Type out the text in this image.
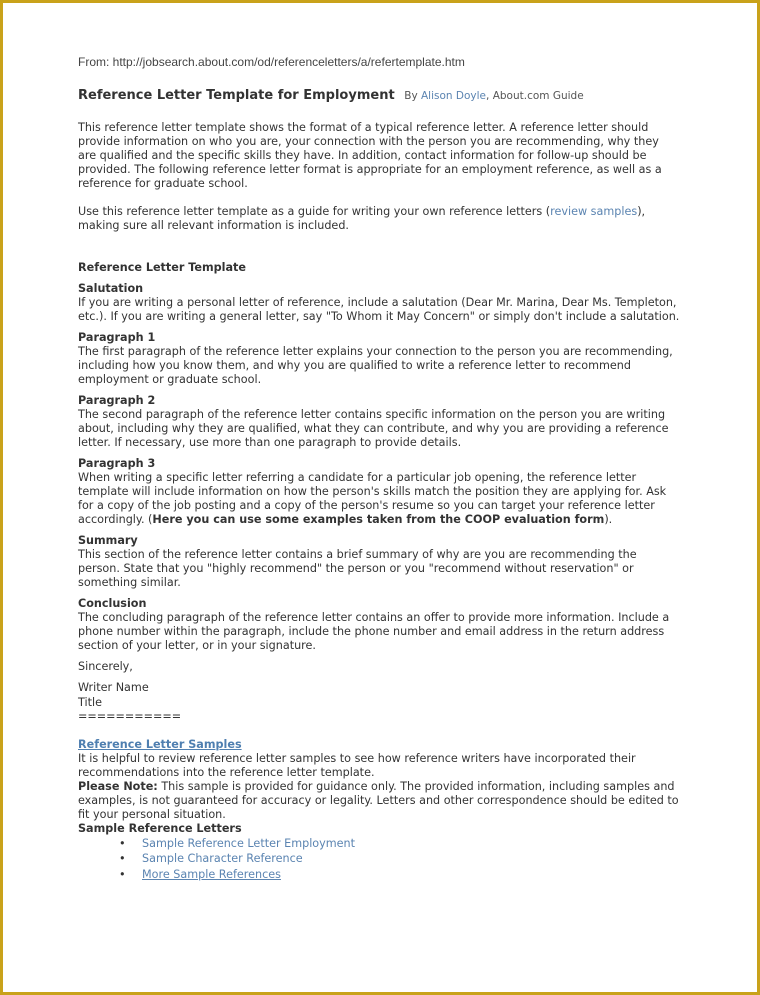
From: http://jobsearch.about.com/od/referenceletters/a/refertemplate.htm

Reference Letter Template for Employment By Alison Doyle, About.com Guide

This reference letter template shows the format of a typical reference letter. A reference letter should provide information on who you are, your connection with the person you are recommending, why they are qualified and the specific skills they have. In addition, contact information for follow-up should be provided. The following reference letter format is appropriate for an employment reference, as well as a reference for graduate school.

Use this reference letter template as a guide for writing your own reference letters (review samples), making sure all relevant information is included.

Reference Letter Template

Salutation

If you are writing a personal letter of reference, include a salutation (Dear Mr. Marina, Dear Ms. Templeton, etc.). If you are writing a general letter, say "To Whom it May Concern" or simply don't include a salutation.

Paragraph 1

The first paragraph of the reference letter explains your connection to the person you are recommending, including how you know them, and why you are qualified to write a reference letter to recommend employment or graduate school.

Paragraph 2

The second paragraph of the reference letter contains specific information on the person you are writing about, including why they are qualified, what they can contribute, and why you are providing a reference letter. If necessary, use more than one paragraph to provide details.

Paragraph 3

When writing a specific letter referring a candidate for a particular job opening, the reference letter template will include information on how the person's skills match the position they are applying for. Ask for a copy of the job posting and a copy of the person's resume so you can target your reference letter accordingly. (Here you can use some examples taken from the COOP evaluation form).

Summary

This section of the reference letter contains a brief summary of why are you are recommending the person. State that you "highly recommend" the person or you "recommend without reservation" or something similar.

Conclusion

The concluding paragraph of the reference letter contains an offer to provide more information. Include a phone number within the paragraph, include the phone number and email address in the return address section of your letter, or in your signature.

Sincerely,

Writer Name

Title

===========

Reference Letter Samples

It is helpful to review reference letter samples to see how reference writers have incorporated their recommendations into the reference letter template.

Please Note: This sample is provided for guidance only. The provided information, including samples and examples, is not guaranteed for accuracy or legality. Letters and other correspondence should be edited to fit your personal situation.

Sample Reference Letters

• Sample Reference Letter Employment
• Sample Character Reference
• More Sample References
